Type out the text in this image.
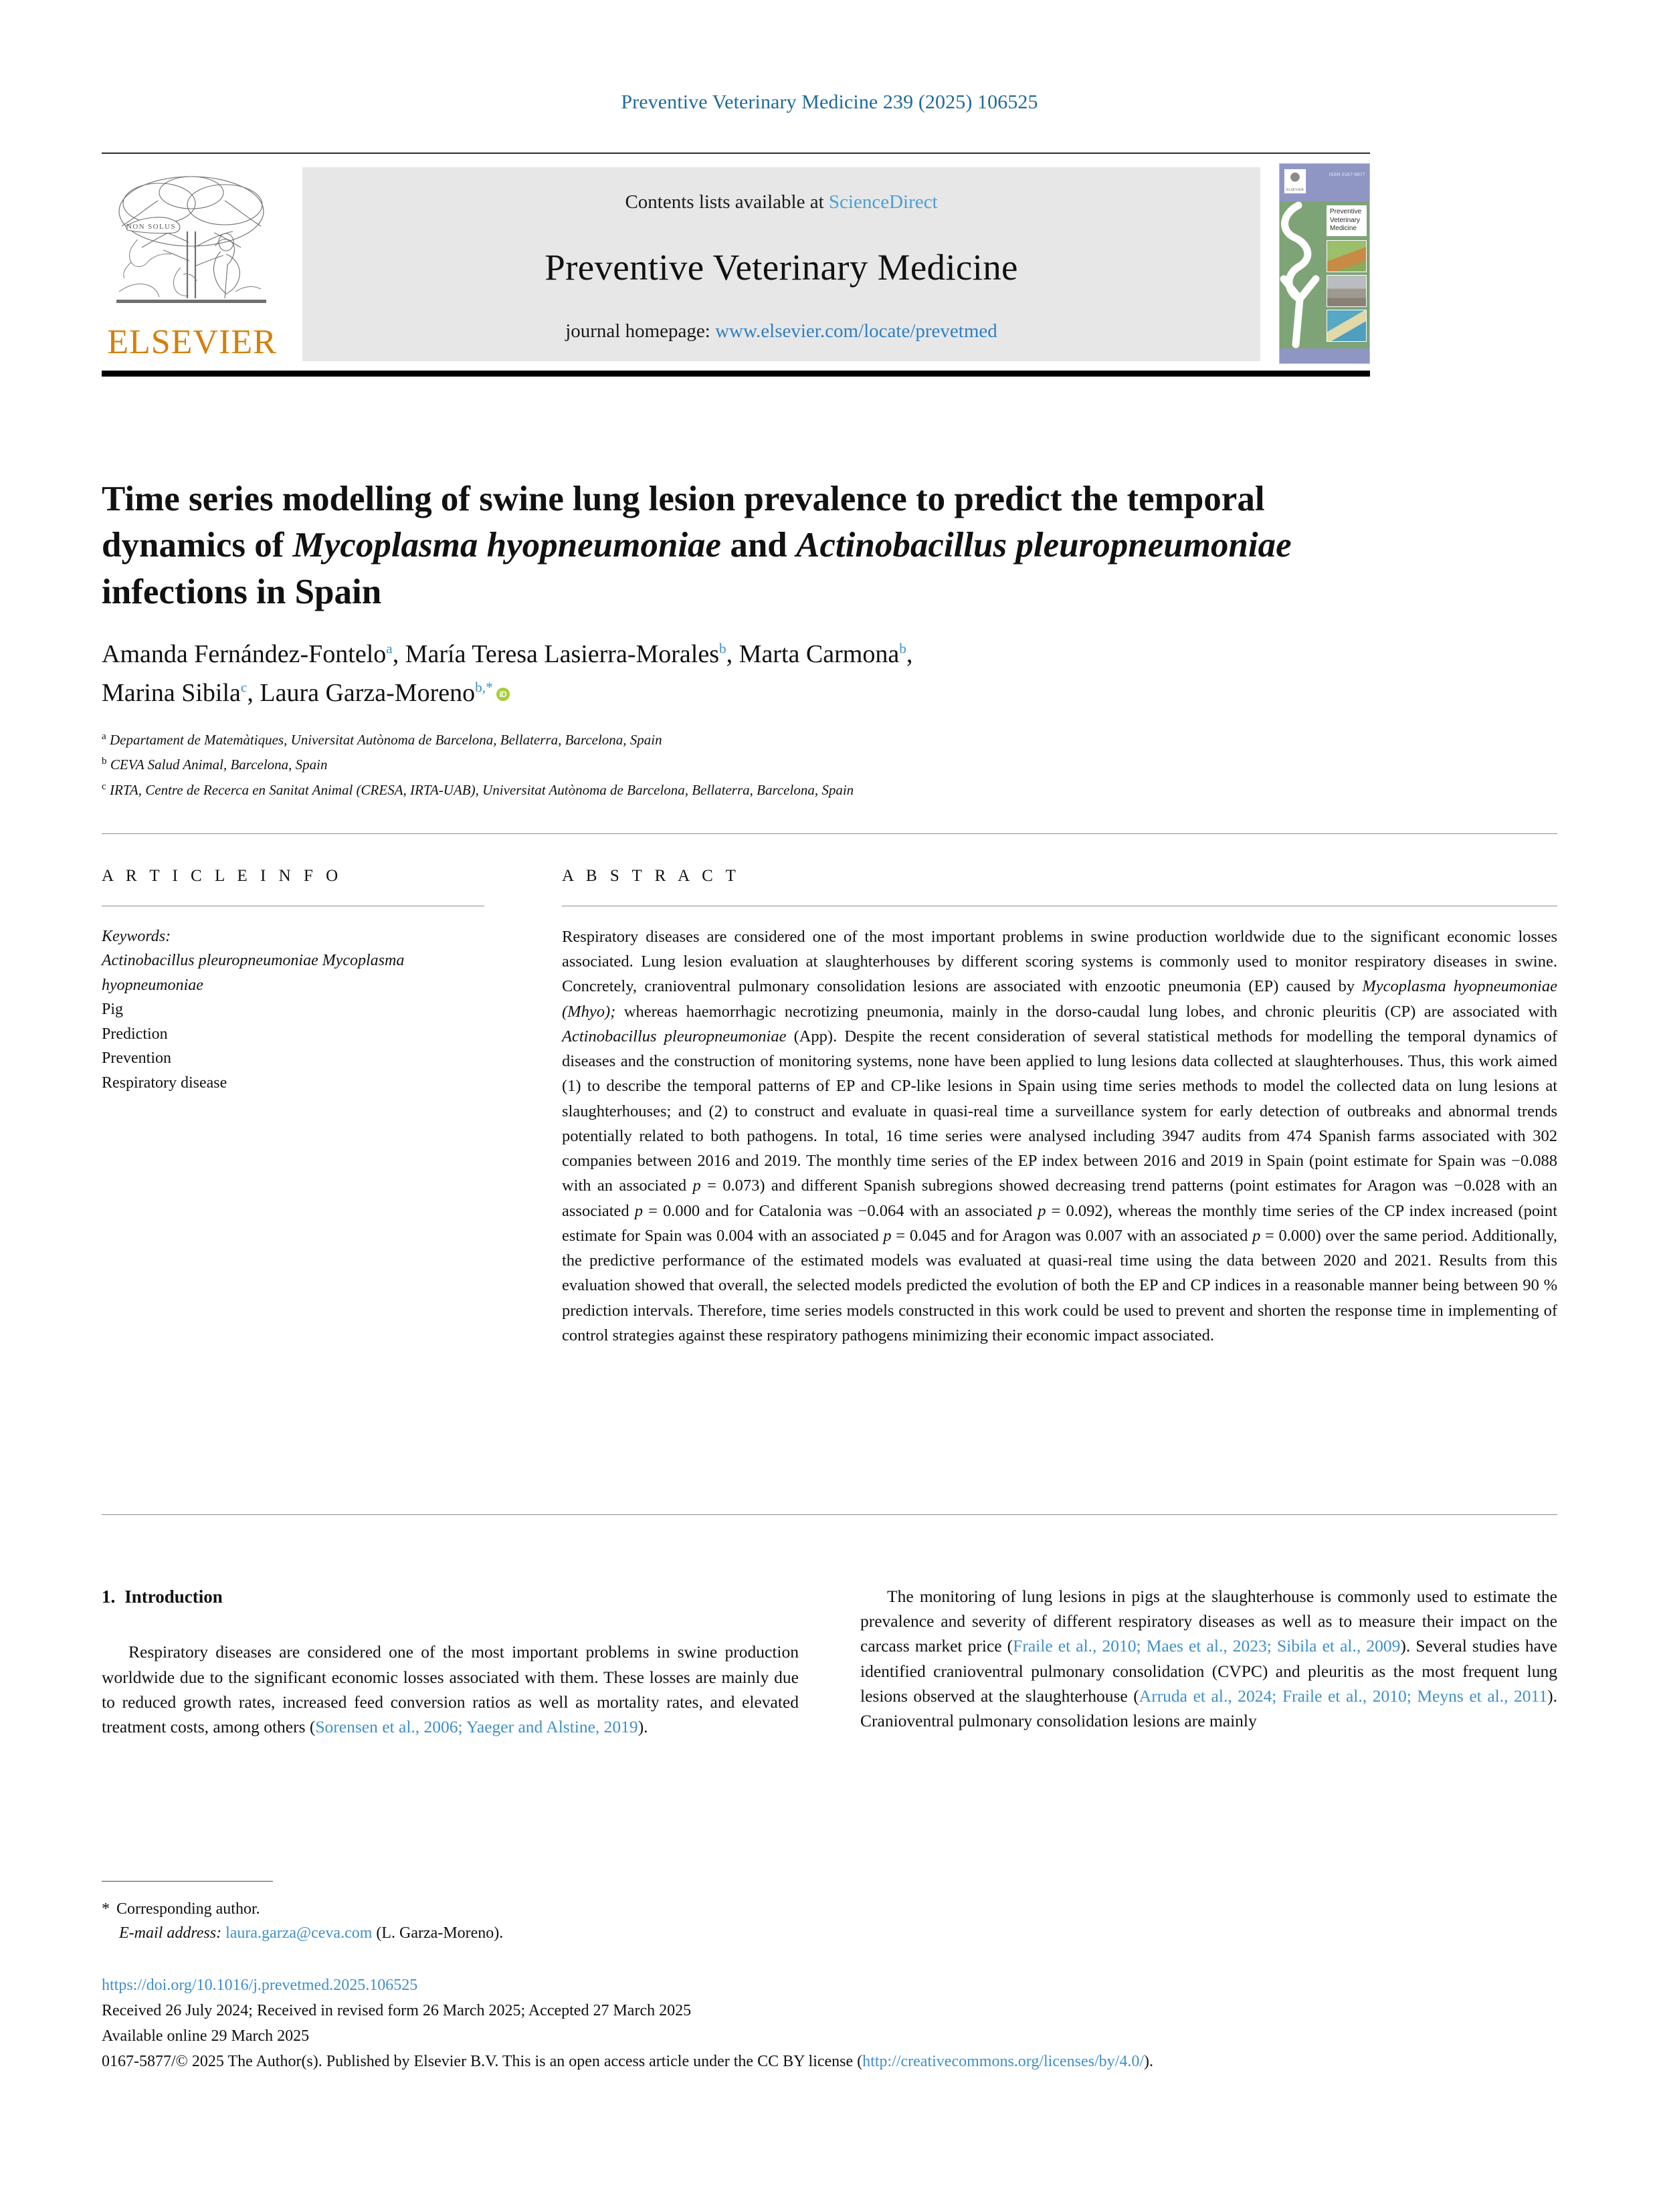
Preventive Veterinary Medicine 239 (2025) 106525
NON SOLUS
ELSEVIER
Contents lists available at ScienceDirect
Preventive Veterinary Medicine
journal homepage: www.elsevier.com/locate/prevetmed
ELSEVIER
ISSN 0167-5877
Preventive
Veterinary
Medicine
Time series modelling of swine lung lesion prevalence to predict the temporal dynamics of Mycoplasma hyopneumoniae and Actinobacillus pleuropneumoniae infections in Spain
Amanda Fernández-Fontelo$^a$, María Teresa Lasierra-Morales$^b$, Marta Carmona$^b$,
Marina Sibila$^c$, Laura Garza-Moreno$^{b,*}$ iD
$^a$ Departament de Matemàtiques, Universitat Autònoma de Barcelona, Bellaterra, Barcelona, Spain
$^b$ CEVA Salud Animal, Barcelona, Spain
$^c$ IRTA, Centre de Recerca en Sanitat Animal (CRESA, IRTA-UAB), Universitat Autònoma de Barcelona, Bellaterra, Barcelona, Spain
A R T I C L E I N F O	A B S T R A C T
Keywords:
Actinobacillus pleuropneumoniae Mycoplasma hyopneumoniae
Pig
Prediction
Prevention
Respiratory disease
Respiratory diseases are considered one of the most important problems in swine production worldwide due to the significant economic losses associated. Lung lesion evaluation at slaughterhouses by different scoring systems is commonly used to monitor respiratory diseases in swine. Concretely, cranioventral pulmonary consolidation lesions are associated with enzootic pneumonia (EP) caused by Mycoplasma hyopneumoniae (Mhyo); whereas haemorrhagic necrotizing pneumonia, mainly in the dorso-caudal lung lobes, and chronic pleuritis (CP) are associated with Actinobacillus pleuropneumoniae (App). Despite the recent consideration of several statistical methods for modelling the temporal dynamics of diseases and the construction of monitoring systems, none have been applied to lung lesions data collected at slaughterhouses. Thus, this work aimed (1) to describe the temporal patterns of EP and CP-like lesions in Spain using time series methods to model the collected data on lung lesions at slaughterhouses; and (2) to construct and evaluate in quasi-real time a surveillance system for early detection of outbreaks and abnormal trends potentially related to both pathogens. In total, 16 time series were analysed including 3947 audits from 474 Spanish farms associated with 302 companies between 2016 and 2019. The monthly time series of the EP index between 2016 and 2019 in Spain (point estimate for Spain was −0.088 with an associated p = 0.073) and different Spanish subregions showed decreasing trend patterns (point estimates for Aragon was −0.028 with an associated p = 0.000 and for Catalonia was −0.064 with an associated p = 0.092), whereas the monthly time series of the CP index increased (point estimate for Spain was 0.004 with an associated p = 0.045 and for Aragon was 0.007 with an associated p = 0.000) over the same period. Additionally, the predictive performance of the estimated models was evaluated at quasi-real time using the data between 2020 and 2021. Results from this evaluation showed that overall, the selected models predicted the evolution of both the EP and CP indices in a reasonable manner being between 90 % prediction intervals. Therefore, time series models constructed in this work could be used to prevent and shorten the response time in implementing of control strategies against these respiratory pathogens minimizing their economic impact associated.
1. Introduction

Respiratory diseases are considered one of the most important problems in swine production worldwide due to the significant economic losses associated with them. These losses are mainly due to reduced growth rates, increased feed conversion ratios as well as mortality rates, and elevated treatment costs, among others (Sorensen et al., 2006; Yaeger and Alstine, 2019).

The monitoring of lung lesions in pigs at the slaughterhouse is commonly used to estimate the prevalence and severity of different respiratory diseases as well as to measure their impact on the carcass market price (Fraile et al., 2010; Maes et al., 2023; Sibila et al., 2009). Several studies have identified cranioventral pulmonary consolidation (CVPC) and pleuritis as the most frequent lung lesions observed at the slaughterhouse (Arruda et al., 2024; Fraile et al., 2010; Meyns et al., 2011). Cranioventral pulmonary consolidation lesions are mainly

* Corresponding author.
E-mail address: laura.garza@ceva.com (L. Garza-Moreno).
https://doi.org/10.1016/j.prevetmed.2025.106525
Received 26 July 2024; Received in revised form 26 March 2025; Accepted 27 March 2025
Available online 29 March 2025
0167-5877/© 2025 The Author(s). Published by Elsevier B.V. This is an open access article under the CC BY license (http://creativecommons.org/licenses/by/4.0/).
